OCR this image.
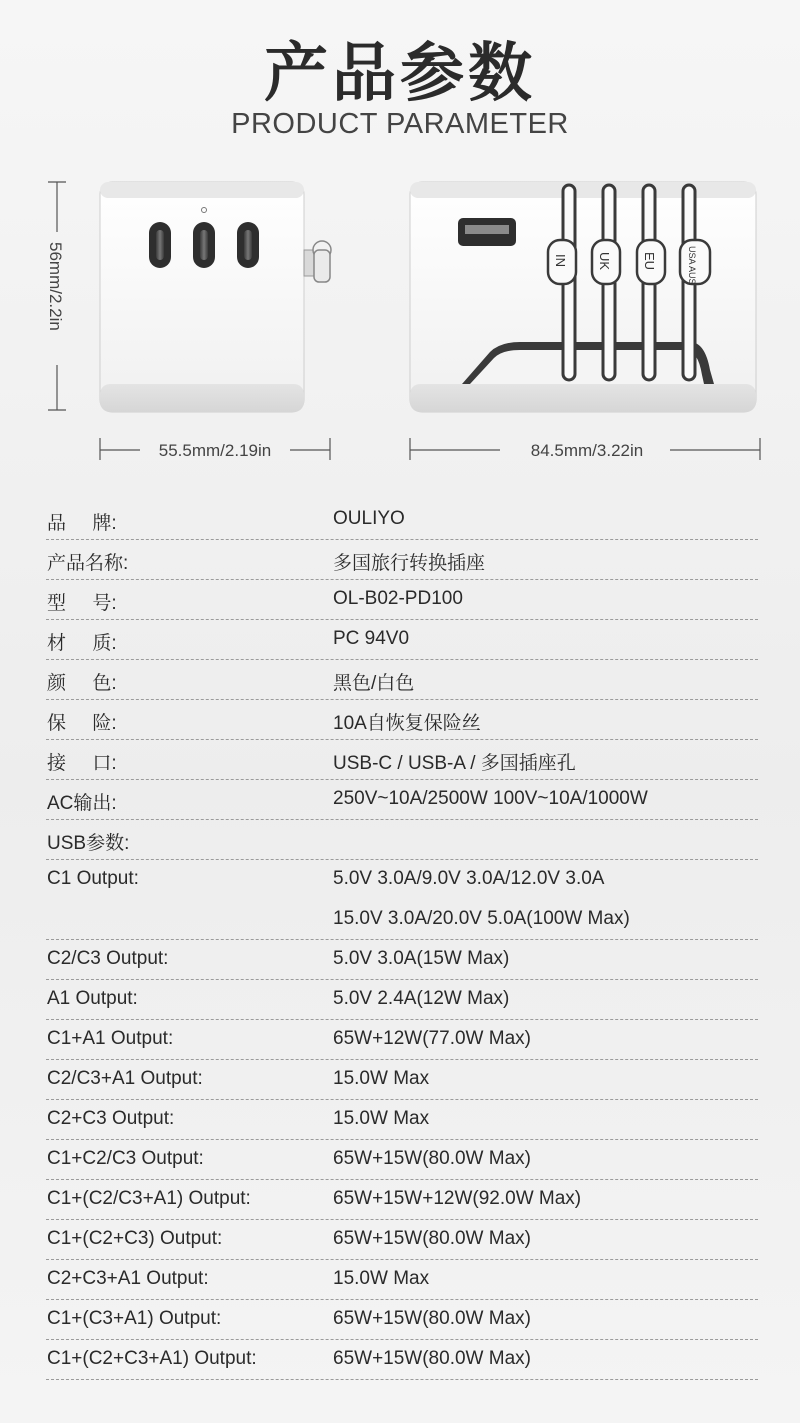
产品参数
PRODUCT PARAMETER
56mm/2.2in	IN UK EU	USA AUS
55.5mm/2.19in	84.5mm/3.22in
品     牌:	OULIYO
产品名称:	多国旅行转换插座
型     号:	OL-B02-PD100
材     质:	PC 94V0
颜     色:	黑色/白色
保     险:	10A自恢复保险丝
接     口:	USB-C / USB-A / 多国插座孔
AC输出:	250V~10A/2500W 100V~10A/1000W
USB参数:
C1 Output:	5.0V 3.0A/9.0V 3.0A/12.0V 3.0A
15.0V 3.0A/20.0V 5.0A(100W Max)
C2/C3 Output:	5.0V 3.0A(15W Max)
A1 Output:	5.0V 2.4A(12W Max)
C1+A1 Output:	65W+12W(77.0W Max)
C2/C3+A1 Output:	15.0W Max
C2+C3 Output:	15.0W Max
C1+C2/C3 Output:	65W+15W(80.0W Max)
C1+(C2/C3+A1) Output:	65W+15W+12W(92.0W Max)
C1+(C2+C3) Output:	65W+15W(80.0W Max)
C2+C3+A1 Output:	15.0W Max
C1+(C3+A1) Output:	65W+15W(80.0W Max)
C1+(C2+C3+A1) Output:	65W+15W(80.0W Max)
